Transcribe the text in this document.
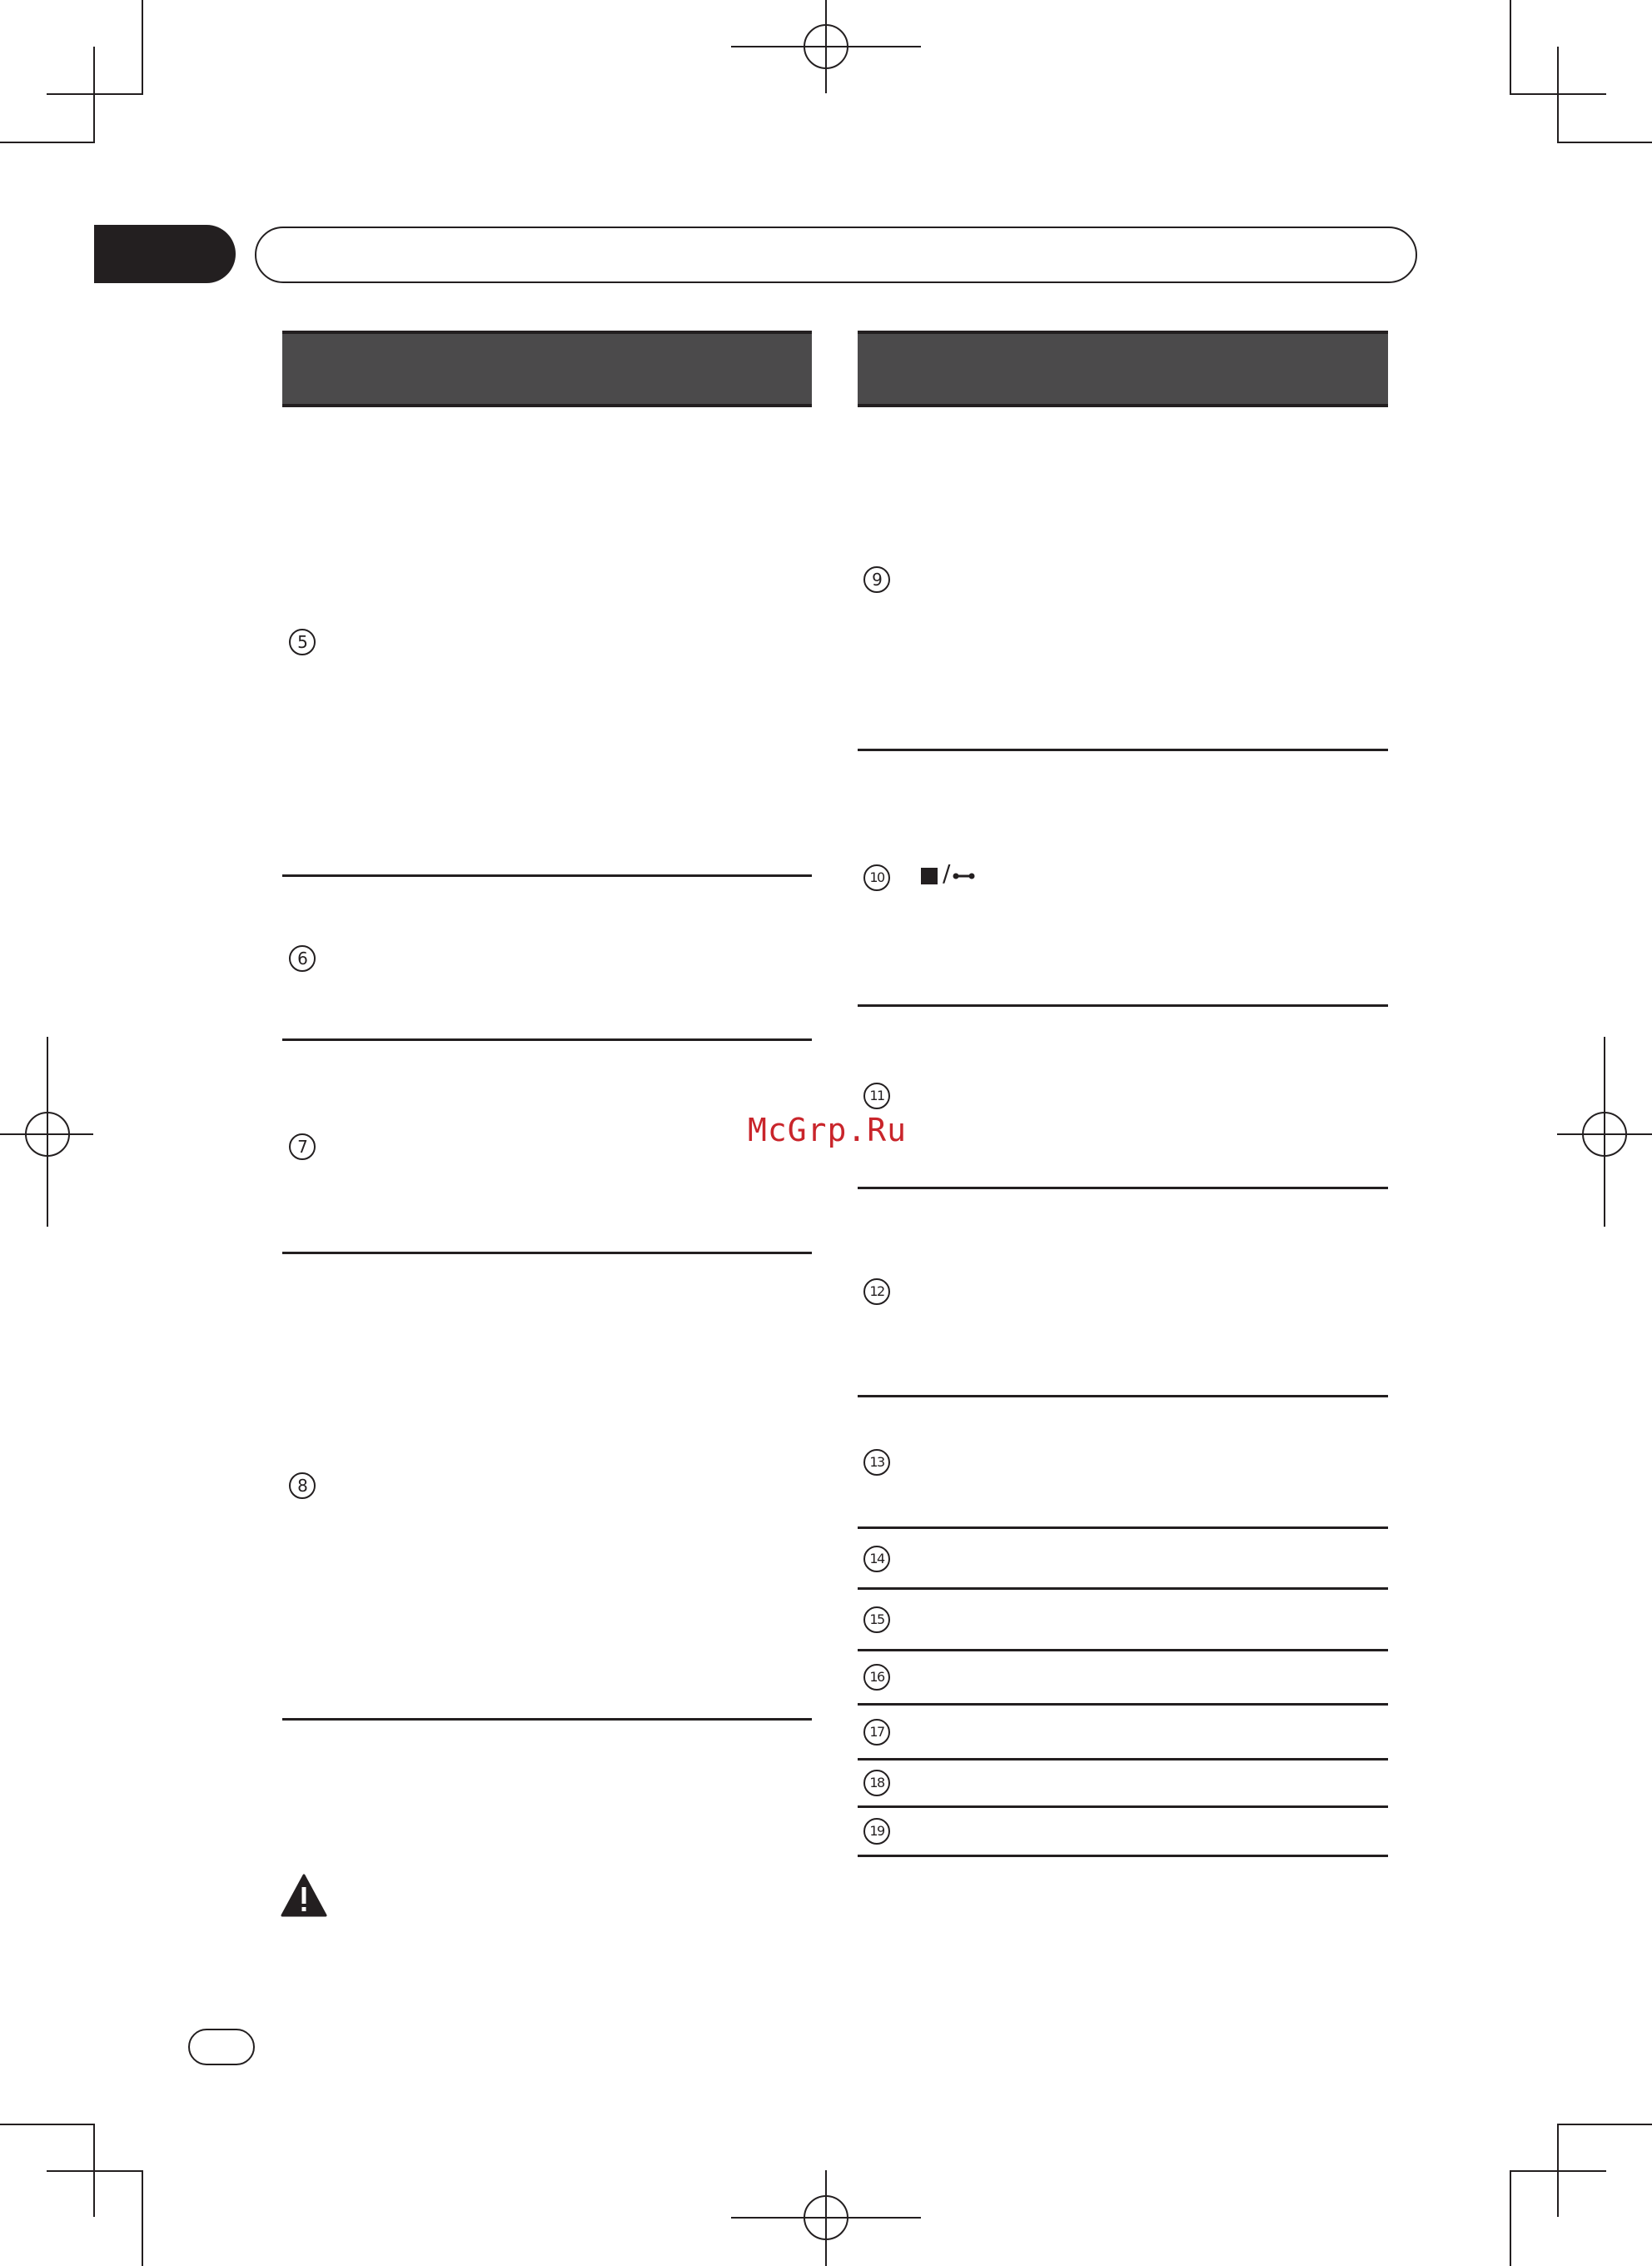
5
6
7
8
9
10	/
11
12
13
14
15
16
17
18
19
McGrp.Ru
